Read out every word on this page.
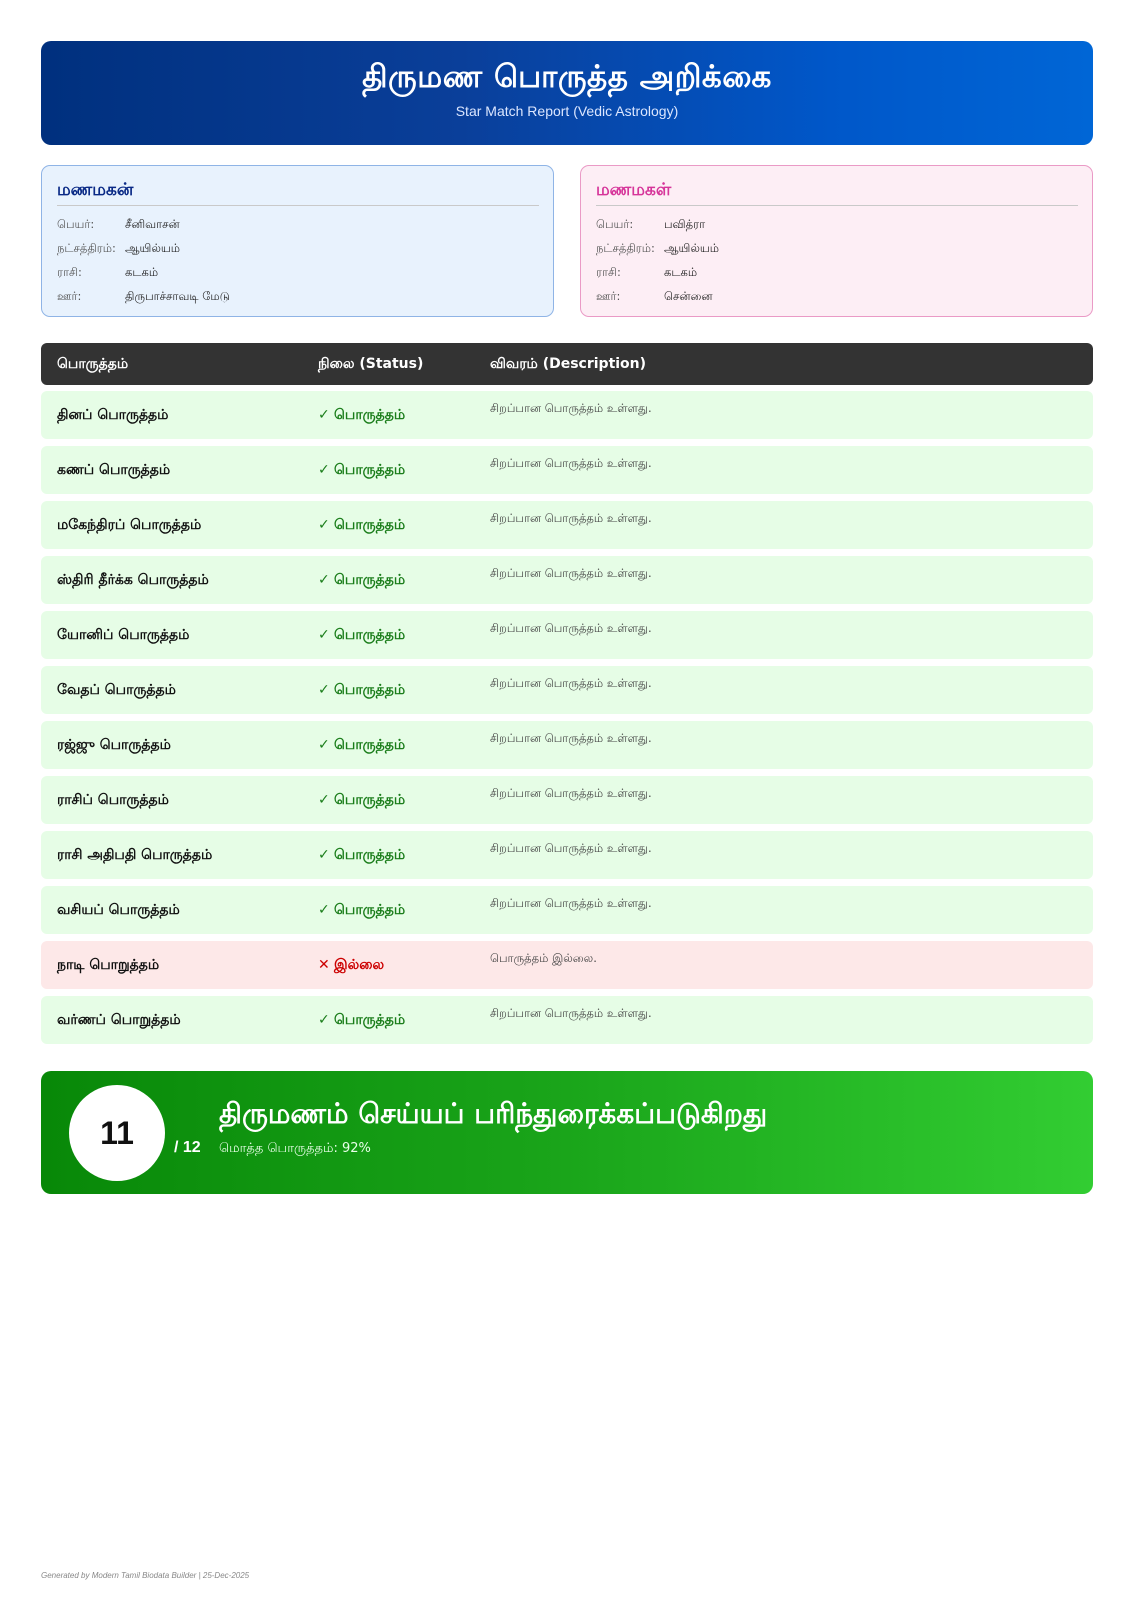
திருமண பொருத்த அறிக்கை
Star Match Report (Vedic Astrology)
மணமகன்
பெயர்:	சீனிவாசன்
நட்சத்திரம்: ஆயில்யம்
ராசி:	கடகம்
ஊர்:	திருபாச்சாவடி மேடு
மணமகள்
பெயர்:	பவித்ரா
நட்சத்திரம்: ஆயில்யம்
ராசி:	கடகம்
ஊர்:	சென்னை
பொருத்தம்	நிலை (Status)	விவரம் (Description)
தினப் பொருத்தம்	✓ பொருத்தம்	சிறப்பான பொருத்தம் உள்ளது.
கணப் பொருத்தம்	✓ பொருத்தம்	சிறப்பான பொருத்தம் உள்ளது.
மகேந்திரப் பொருத்தம்	✓ பொருத்தம்	சிறப்பான பொருத்தம் உள்ளது.
ஸ்திரி தீர்க்க பொருத்தம்	✓ பொருத்தம்	சிறப்பான பொருத்தம் உள்ளது.
யோனிப் பொருத்தம்	✓ பொருத்தம்	சிறப்பான பொருத்தம் உள்ளது.
வேதப் பொருத்தம்	✓ பொருத்தம்	சிறப்பான பொருத்தம் உள்ளது.
ரஜ்ஜு பொருத்தம்	✓ பொருத்தம்	சிறப்பான பொருத்தம் உள்ளது.
ராசிப் பொருத்தம்	✓ பொருத்தம்	சிறப்பான பொருத்தம் உள்ளது.
ராசி அதிபதி பொருத்தம்	✓ பொருத்தம்	சிறப்பான பொருத்தம் உள்ளது.
வசியப் பொருத்தம்	✓ பொருத்தம்	சிறப்பான பொருத்தம் உள்ளது.
நாடி பொறுத்தம்	✕ இல்லை	பொருத்தம் இல்லை.
வர்ணப் பொறுத்தம்	✓ பொருத்தம்	சிறப்பான பொருத்தம் உள்ளது.
11	/ 12
திருமணம் செய்யப் பரிந்துரைக்கப்படுகிறது
மொத்த பொருத்தம்: 92%
Generated by Modern Tamil Biodata Builder | 25-Dec-2025
